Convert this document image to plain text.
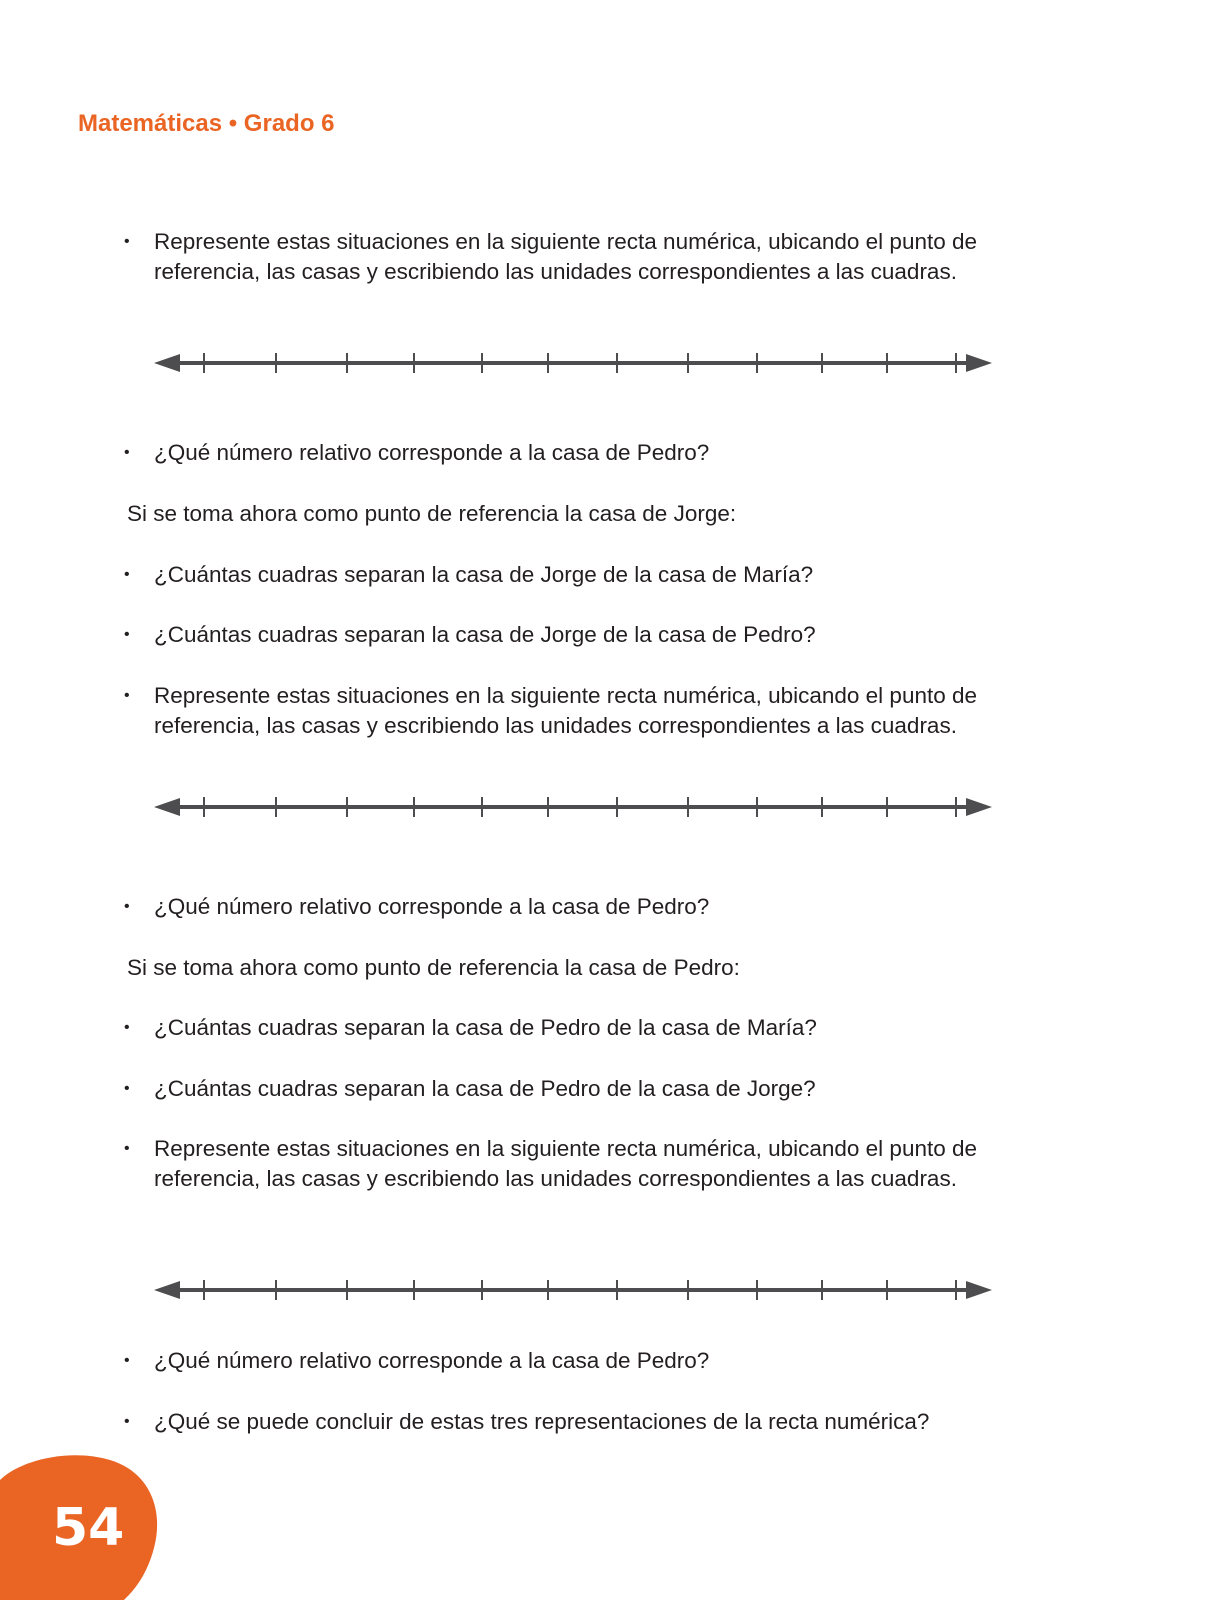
Matemáticas • Grado 6
•	Represente estas situaciones en la siguiente recta numérica, ubicando el punto de referencia, las casas y escribiendo las unidades correspondientes a las cuadras.
•	¿Qué número relativo corresponde a la casa de Pedro?
Si se toma ahora como punto de referencia la casa de Jorge:
•	¿Cuántas cuadras separan la casa de Jorge de la casa de María?
•	¿Cuántas cuadras separan la casa de Jorge de la casa de Pedro?
•	Represente estas situaciones en la siguiente recta numérica, ubicando el punto de referencia, las casas y escribiendo las unidades correspondientes a las cuadras.
•	¿Qué número relativo corresponde a la casa de Pedro?
Si se toma ahora como punto de referencia la casa de Pedro:
•	¿Cuántas cuadras separan la casa de Pedro de la casa de María?
•	¿Cuántas cuadras separan la casa de Pedro de la casa de Jorge?
•	Represente estas situaciones en la siguiente recta numérica, ubicando el punto de referencia, las casas y escribiendo las unidades correspondientes a las cuadras.
•	¿Qué número relativo corresponde a la casa de Pedro?
•	¿Qué se puede concluir de estas tres representaciones de la recta numérica?
54
